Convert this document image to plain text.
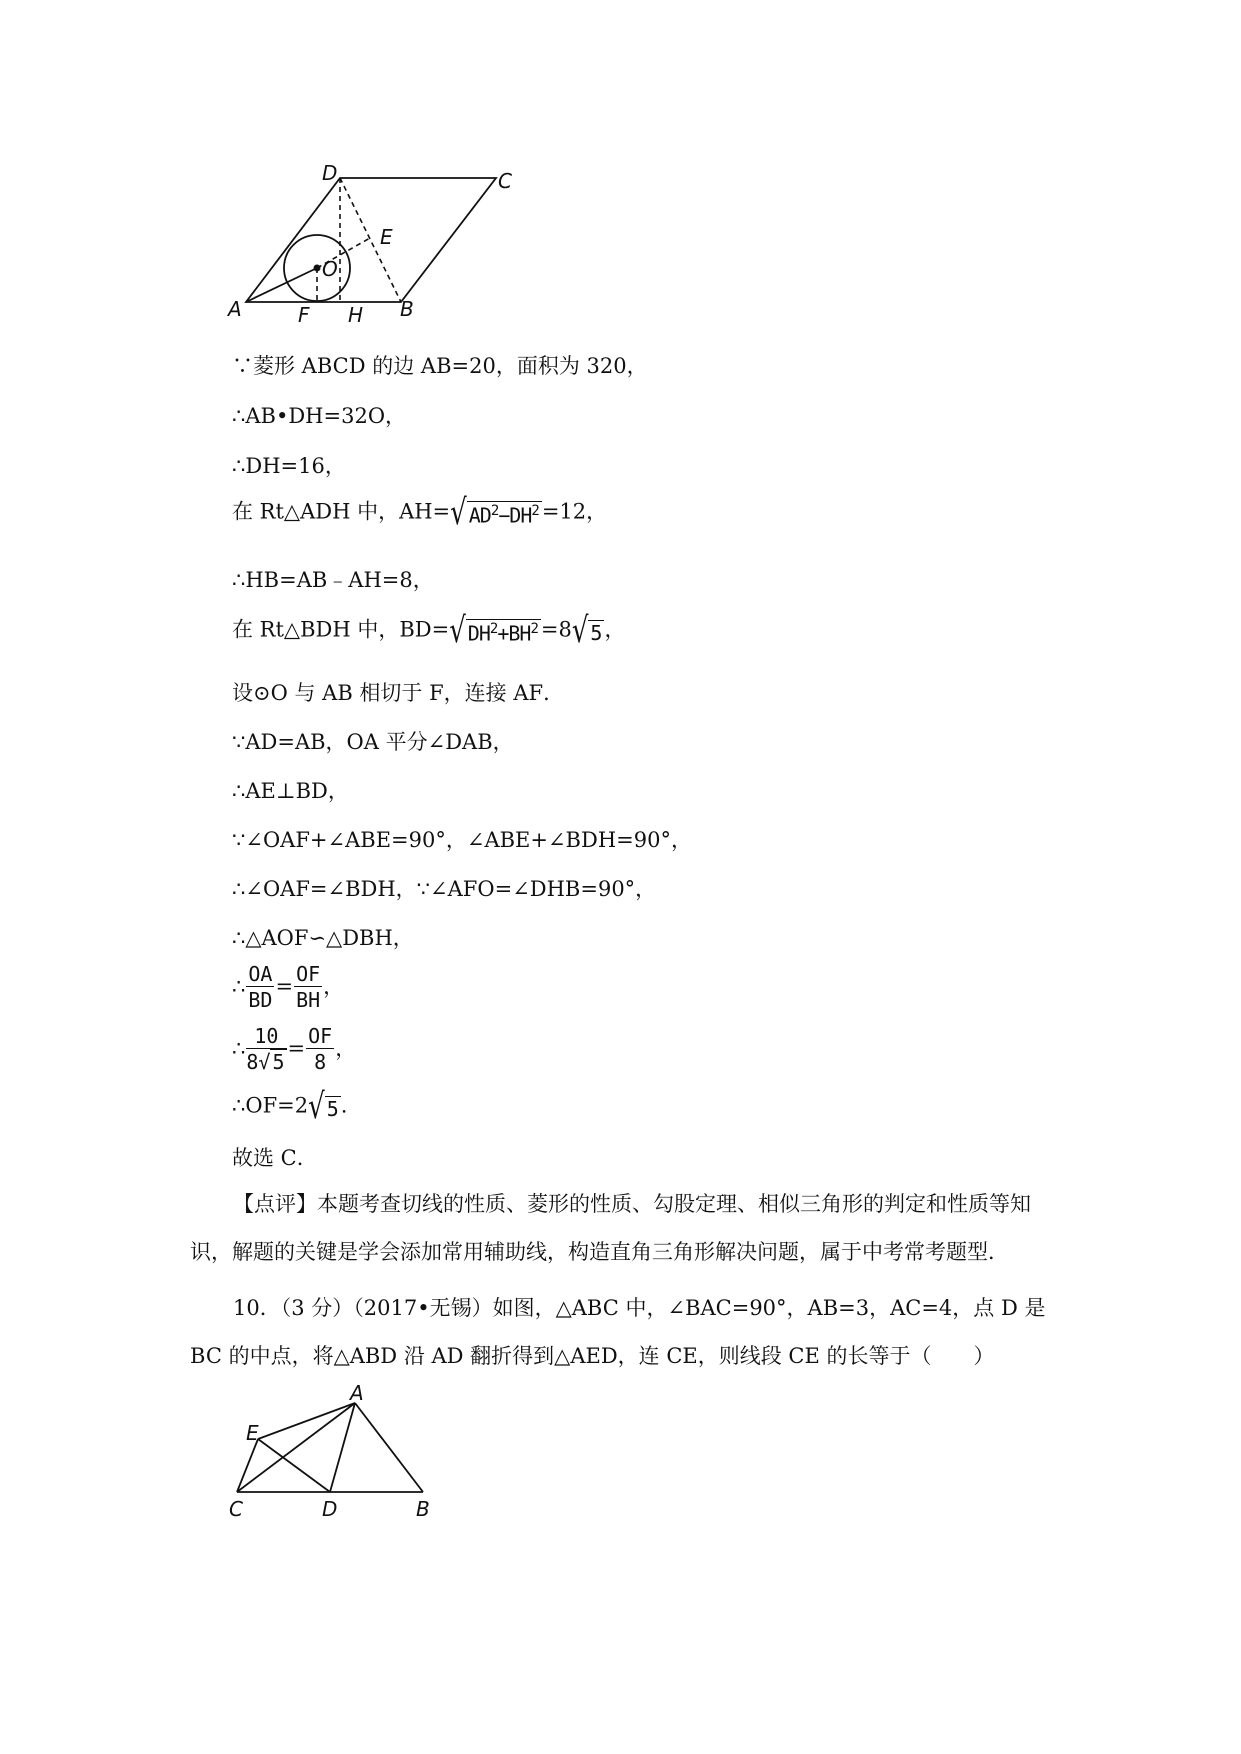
D	C
E
O
A	F H B
∵菱形 ABCD 的边 AB=20，面积为 320，
∴AB•DH=32O，
∴DH=16，
在 Rt△ADH 中，AH=√ $AD^2-DH^2 =12$，
∴HB=AB﹣AH=8，
在 Rt△BDH 中，BD=√ $DH^2+BH^2 =8√$ 5 ，
设⊙O 与 AB 相切于 F，连接 AF．
∵AD=AB，OA 平分∠DAB，
∴AE⊥BD，
∵∠OAF+∠ABE=90°，∠ABE+∠BDH=90°，
∴∠OAF=∠BDH，∵∠AFO=∠DHB=90°，
∴△AOF∽△DBH，
∴ $\frac{OA}{BD} = \frac{OF}{BH}$ ，
∴ $\frac{10}{8√ 5} = \frac{OF}{8}$ ，
∴OF=2√ 5 .
故选 C．
【点评】本题考查切线的性质、菱形的性质、勾股定理、相似三角形的判定和性质等知识，解题的关键是学会添加常用辅助线，构造直角三角形解决问题，属于中考常考题型．
10．（3 分）（2017•无锡）如图，△ABC 中，∠BAC=90°，AB=3，AC=4，点 D 是 BC 的中点，将△ABD 沿 AD 翻折得到△AED，连 CE，则线段 CE 的长等于（　　）
A
E
C	D	B
